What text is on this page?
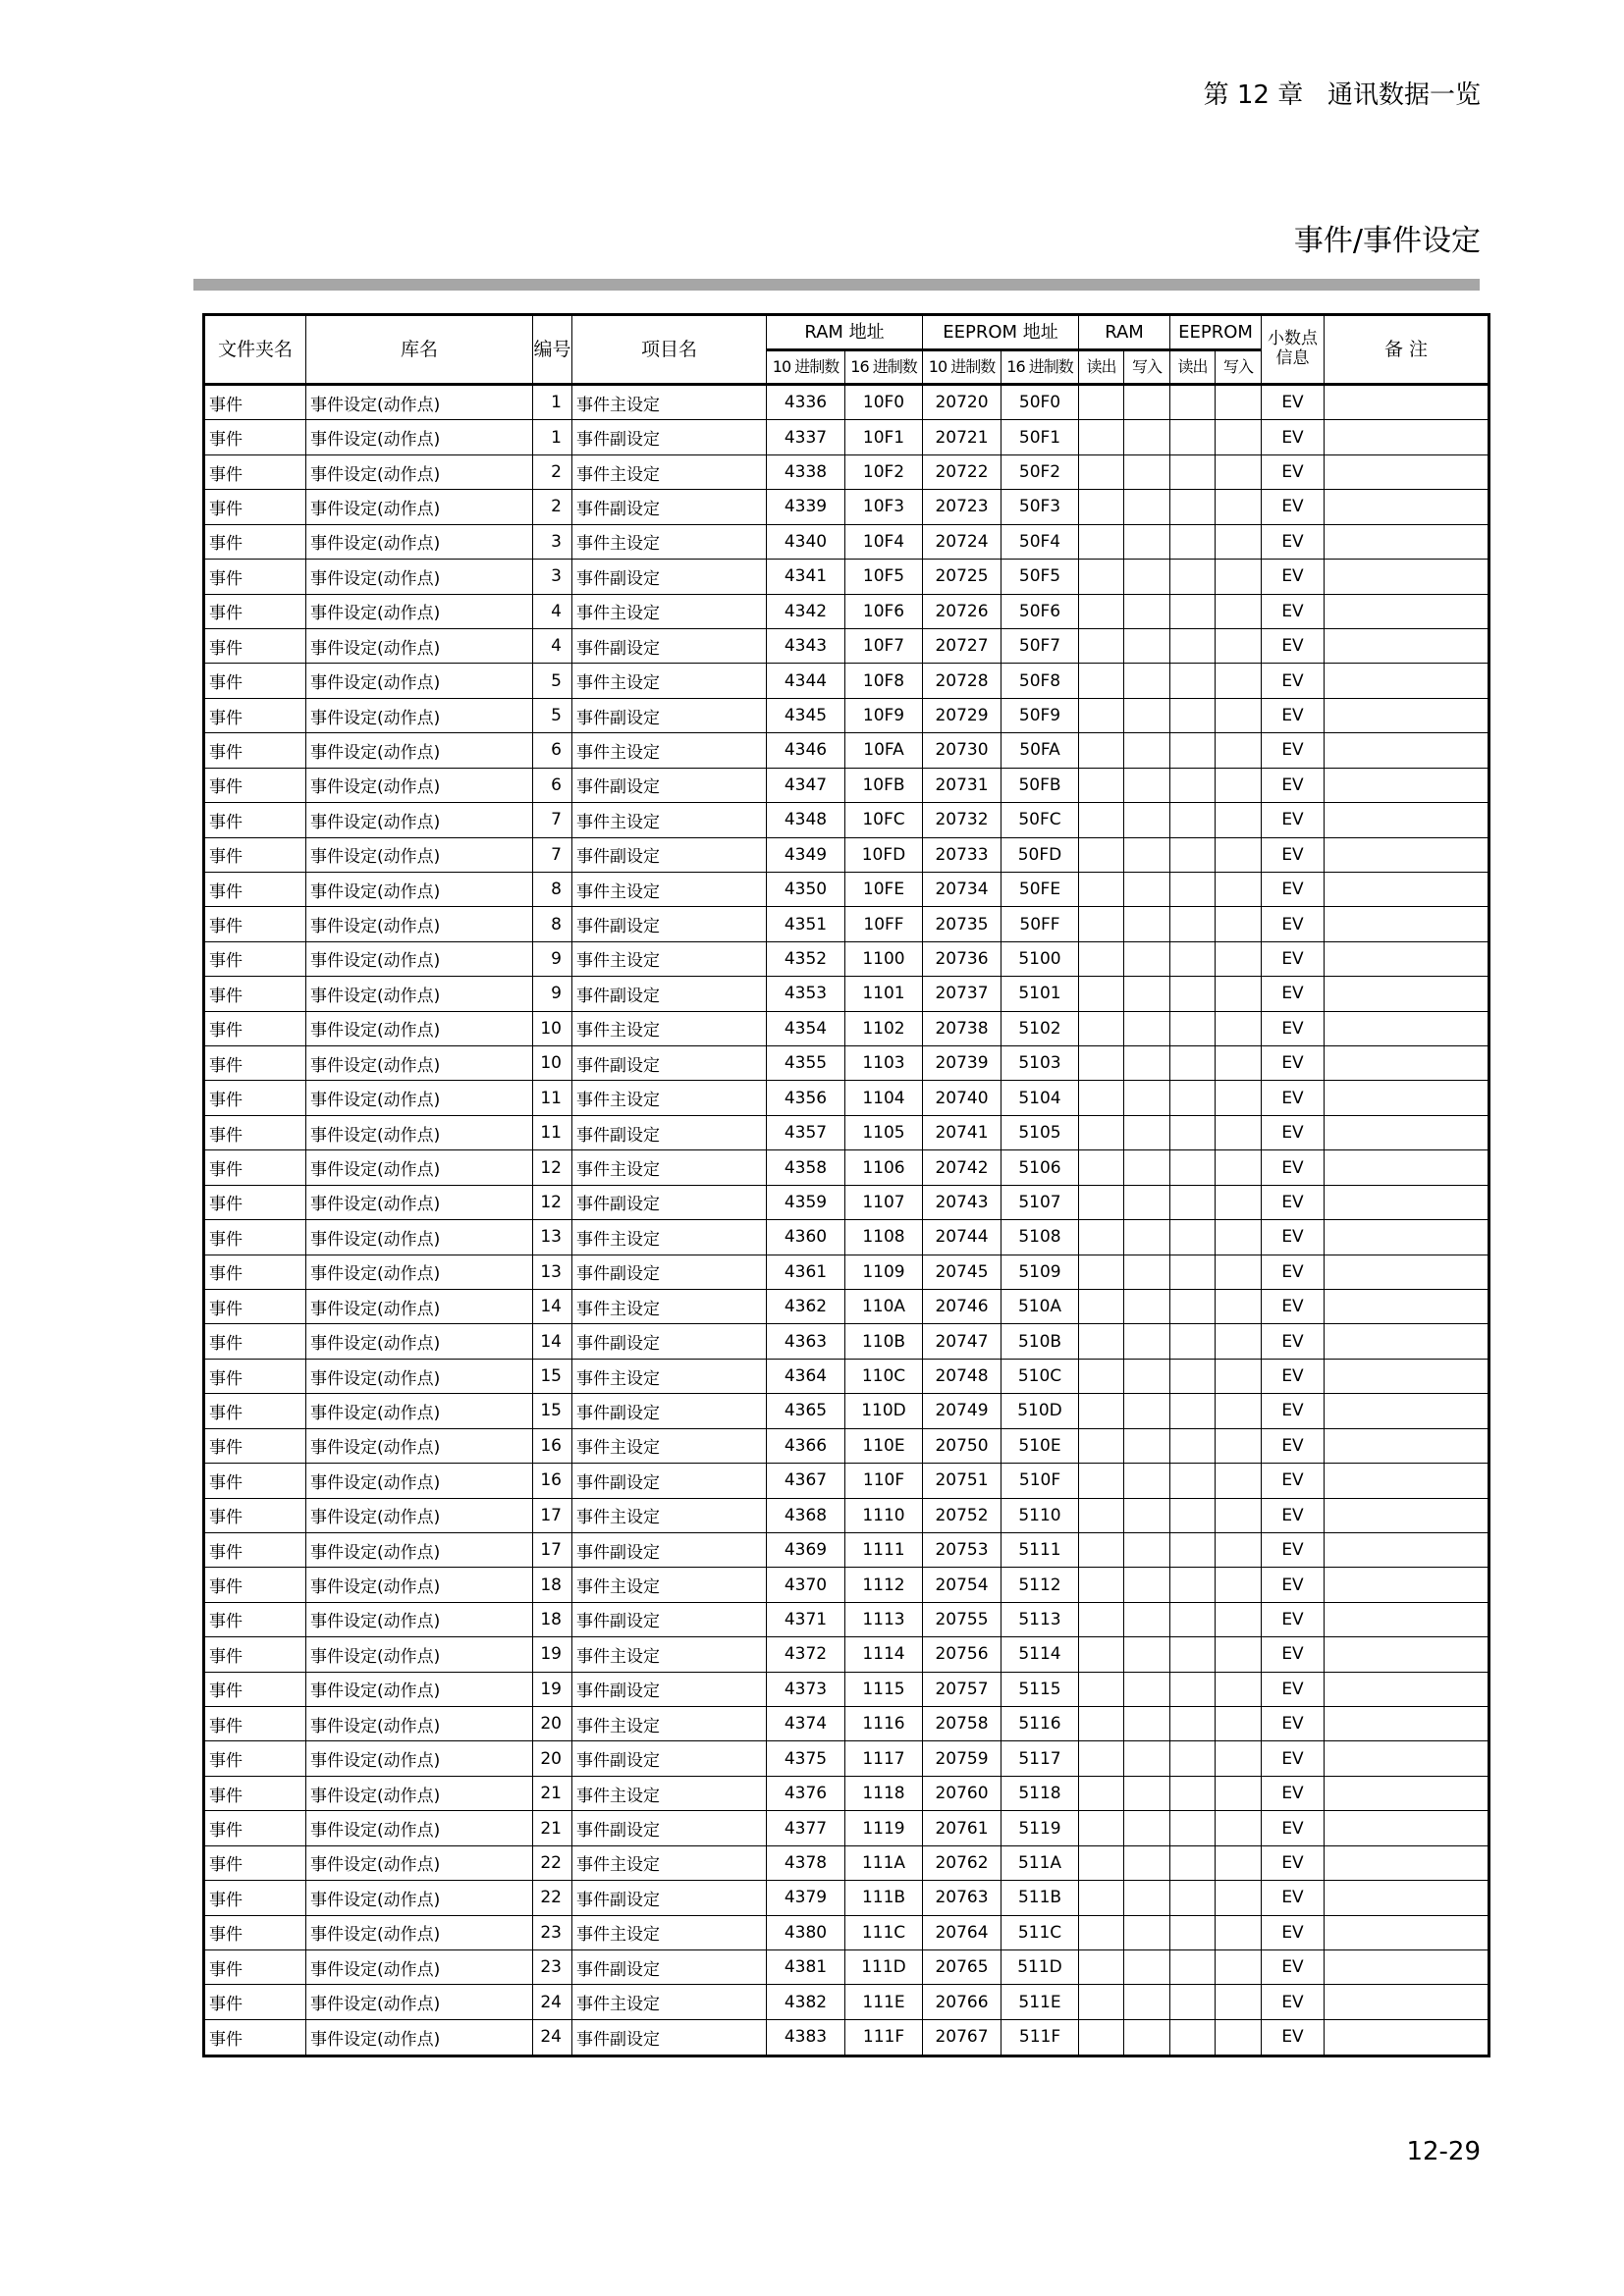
第 12 章   通讯数据一览
事件/事件设定
文件夹名	库名	编号	项目名	RAM 地址		EEPROM 地址		RAM		EEPROM		小数点信息	备 注
				10 进制数	16 进制数	10 进制数	16 进制数	读出	写入	读出	写入		
事件	事件设定(动作点)	1	事件主设定	4336	10F0	20720	50F0					EV	
事件	事件设定(动作点)	1	事件副设定	4337	10F1	20721	50F1					EV	
事件	事件设定(动作点)	2	事件主设定	4338	10F2	20722	50F2					EV	
事件	事件设定(动作点)	2	事件副设定	4339	10F3	20723	50F3					EV	
事件	事件设定(动作点)	3	事件主设定	4340	10F4	20724	50F4					EV	
事件	事件设定(动作点)	3	事件副设定	4341	10F5	20725	50F5					EV	
事件	事件设定(动作点)	4	事件主设定	4342	10F6	20726	50F6					EV	
事件	事件设定(动作点)	4	事件副设定	4343	10F7	20727	50F7					EV	
事件	事件设定(动作点)	5	事件主设定	4344	10F8	20728	50F8					EV	
事件	事件设定(动作点)	5	事件副设定	4345	10F9	20729	50F9					EV	
事件	事件设定(动作点)	6	事件主设定	4346	10FA	20730	50FA					EV	
事件	事件设定(动作点)	6	事件副设定	4347	10FB	20731	50FB					EV	
事件	事件设定(动作点)	7	事件主设定	4348	10FC	20732	50FC					EV	
事件	事件设定(动作点)	7	事件副设定	4349	10FD	20733	50FD					EV	
事件	事件设定(动作点)	8	事件主设定	4350	10FE	20734	50FE					EV	
事件	事件设定(动作点)	8	事件副设定	4351	10FF	20735	50FF					EV	
事件	事件设定(动作点)	9	事件主设定	4352	1100	20736	5100					EV	
事件	事件设定(动作点)	9	事件副设定	4353	1101	20737	5101					EV	
事件	事件设定(动作点)	10	事件主设定	4354	1102	20738	5102					EV	
事件	事件设定(动作点)	10	事件副设定	4355	1103	20739	5103					EV	
事件	事件设定(动作点)	11	事件主设定	4356	1104	20740	5104					EV	
事件	事件设定(动作点)	11	事件副设定	4357	1105	20741	5105					EV	
事件	事件设定(动作点)	12	事件主设定	4358	1106	20742	5106					EV	
事件	事件设定(动作点)	12	事件副设定	4359	1107	20743	5107					EV	
事件	事件设定(动作点)	13	事件主设定	4360	1108	20744	5108					EV	
事件	事件设定(动作点)	13	事件副设定	4361	1109	20745	5109					EV	
事件	事件设定(动作点)	14	事件主设定	4362	110A	20746	510A					EV	
事件	事件设定(动作点)	14	事件副设定	4363	110B	20747	510B					EV	
事件	事件设定(动作点)	15	事件主设定	4364	110C	20748	510C					EV	
事件	事件设定(动作点)	15	事件副设定	4365	110D	20749	510D					EV	
事件	事件设定(动作点)	16	事件主设定	4366	110E	20750	510E					EV	
事件	事件设定(动作点)	16	事件副设定	4367	110F	20751	510F					EV	
事件	事件设定(动作点)	17	事件主设定	4368	1110	20752	5110					EV	
事件	事件设定(动作点)	17	事件副设定	4369	1111	20753	5111					EV	
事件	事件设定(动作点)	18	事件主设定	4370	1112	20754	5112					EV	
事件	事件设定(动作点)	18	事件副设定	4371	1113	20755	5113					EV	
事件	事件设定(动作点)	19	事件主设定	4372	1114	20756	5114					EV	
事件	事件设定(动作点)	19	事件副设定	4373	1115	20757	5115					EV	
事件	事件设定(动作点)	20	事件主设定	4374	1116	20758	5116					EV	
事件	事件设定(动作点)	20	事件副设定	4375	1117	20759	5117					EV	
事件	事件设定(动作点)	21	事件主设定	4376	1118	20760	5118					EV	
事件	事件设定(动作点)	21	事件副设定	4377	1119	20761	5119					EV	
事件	事件设定(动作点)	22	事件主设定	4378	111A	20762	511A					EV	
事件	事件设定(动作点)	22	事件副设定	4379	111B	20763	511B					EV	
事件	事件设定(动作点)	23	事件主设定	4380	111C	20764	511C					EV	
事件	事件设定(动作点)	23	事件副设定	4381	111D	20765	511D					EV	
事件	事件设定(动作点)	24	事件主设定	4382	111E	20766	511E					EV	
事件	事件设定(动作点)	24	事件副设定	4383	111F	20767	511F					EV	
12-29
